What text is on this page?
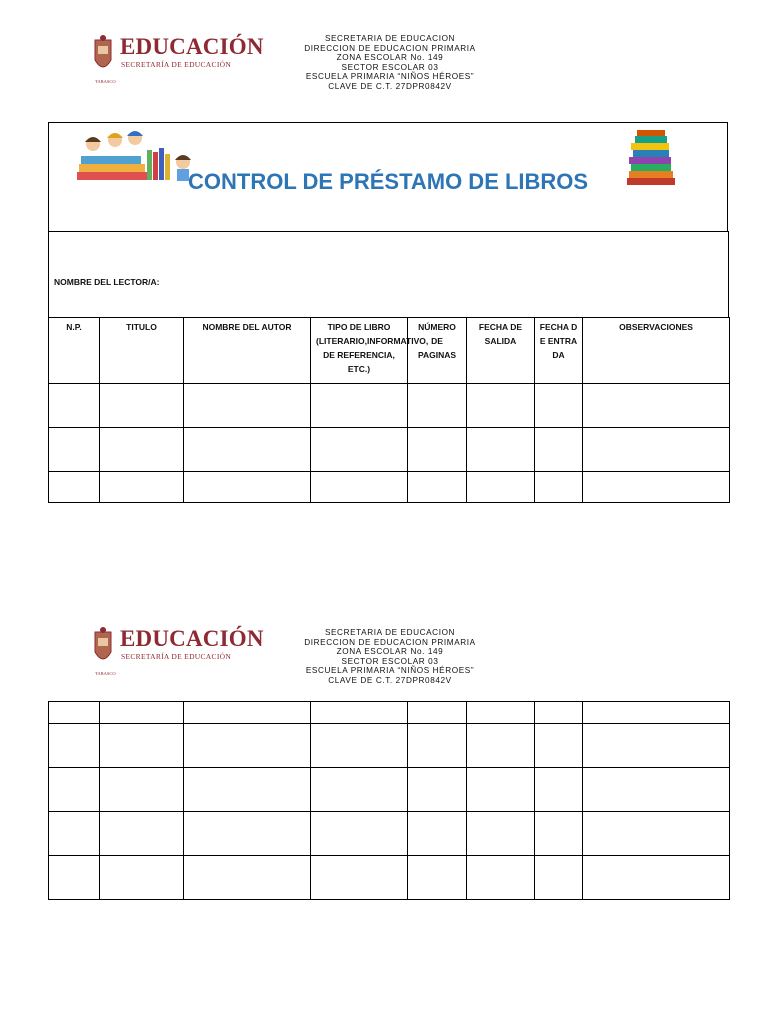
EDUCACIÓN
SECRETARÍA DE EDUCACIÓN
TABASCO
SECRETARIA DE EDUCACION
DIRECCION DE EDUCACION PRIMARIA
ZONA ESCOLAR No. 149
SECTOR ESCOLAR 03
ESCUELA PRIMARIA “NIÑOS HÉROES”
CLAVE DE C.T. 27DPR0842V
CONTROL DE PRÉSTAMO DE LIBROS
NOMBRE DEL LECTOR/A:
N.P.	TITULO	NOMBRE DEL AUTOR	TIPO DE LIBRO (LITERARIO,INFORMATIVO, DE REFERENCIA, ETC.)	NÚMERO DE PAGINAS	FECHA DE SALIDA	FECHA DE ENTRADA	OBSERVACIONES

EDUCACIÓN
SECRETARÍA DE EDUCACIÓN
TABASCO
SECRETARIA DE EDUCACION
DIRECCION DE EDUCACION PRIMARIA
ZONA ESCOLAR No. 149
SECTOR ESCOLAR 03
ESCUELA PRIMARIA “NIÑOS HÉROES”
CLAVE DE C.T. 27DPR0842V
